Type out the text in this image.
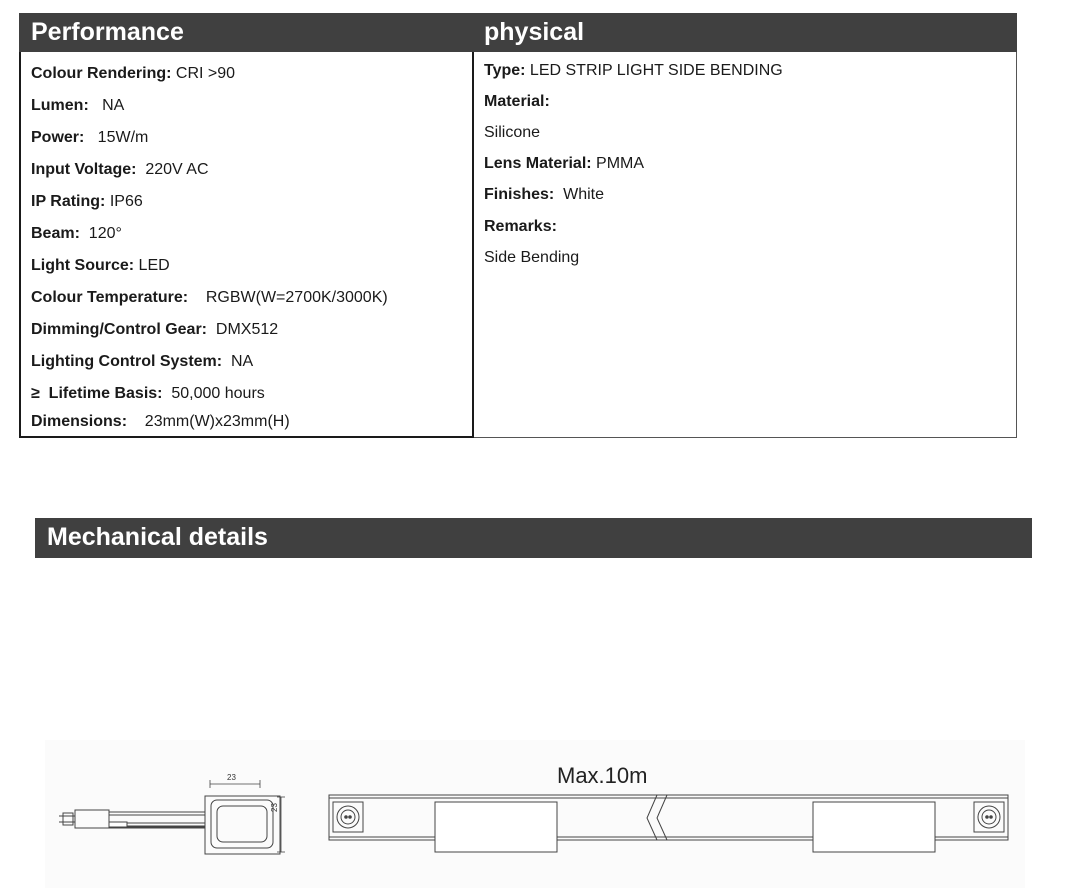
Performance	physical
Colour Rendering: CRI >90
Lumen:   NA
Power:   15W/m
Input Voltage:  220V AC
IP Rating: IP66
Beam:  120°
Light Source: LED
Colour Temperature:    RGBW(W=2700K/3000K)
Dimming/Control Gear:  DMX512
Lighting Control System:  NA
≥  Lifetime Basis:  50,000 hours
Dimensions:    23mm(W)x23mm(H)
Type: LED STRIP LIGHT SIDE BENDING
Material:
Silicone
Lens Material: PMMA
Finishes:  White
Remarks:
Side Bending
Mechanical details
Max.10m
23
23
